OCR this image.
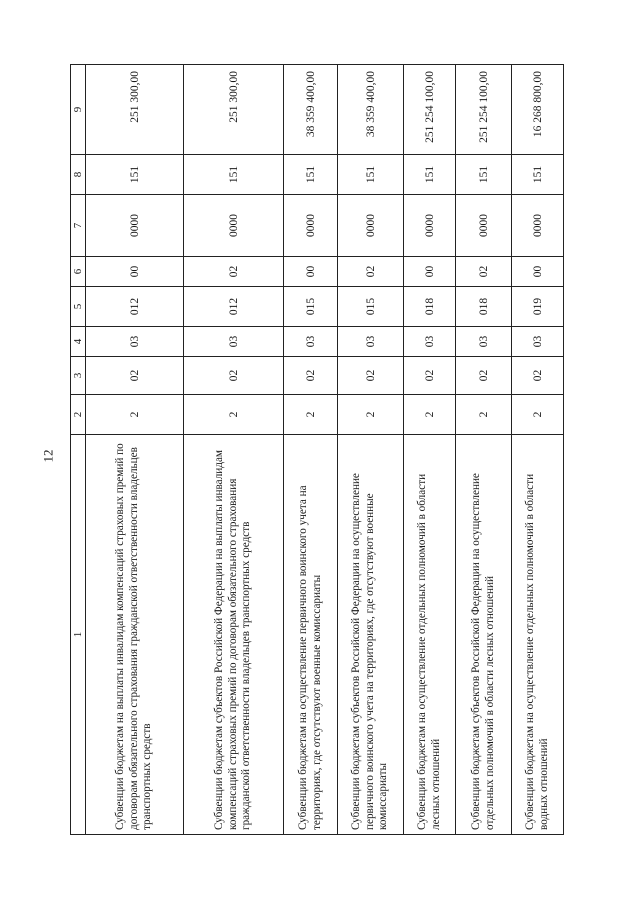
12
1	2	3	4	5	6	7	8	9
Субвенции бюджетам на выплаты инвалидам компенсаций страховых премий по договорам обязательного страхования гражданской ответственности владельцев транспортных средств	2	02	03	012	00	0000	151	251 300,00
Субвенции бюджетам субъектов Российской Федерации на выплаты инвалидам компенсаций страховых премий по договорам обязательного страхования гражданской ответственности владельцев транспортных средств	2	02	03	012	02	0000	151	251 300,00
Субвенции бюджетам на осуществление первичного воинского учета на территориях, где отсутствуют военные комиссариаты	2	02	03	015	00	0000	151	38 359 400,00
Субвенции бюджетам субъектов Российской Федерации на осуществление первичного воинского учета на территориях, где отсутствуют военные комиссариаты	2	02	03	015	02	0000	151	38 359 400,00
Субвенции бюджетам на осуществление отдельных полномочий в области лесных отношений	2	02	03	018	00	0000	151	251 254 100,00
Субвенции бюджетам субъектов Российской Федерации на осуществление отдельных полномочий в области лесных отношений	2	02	03	018	02	0000	151	251 254 100,00
Субвенции бюджетам на осуществление отдельных полномочий в области водных отношений	2	02	03	019	00	0000	151	16 268 800,00
